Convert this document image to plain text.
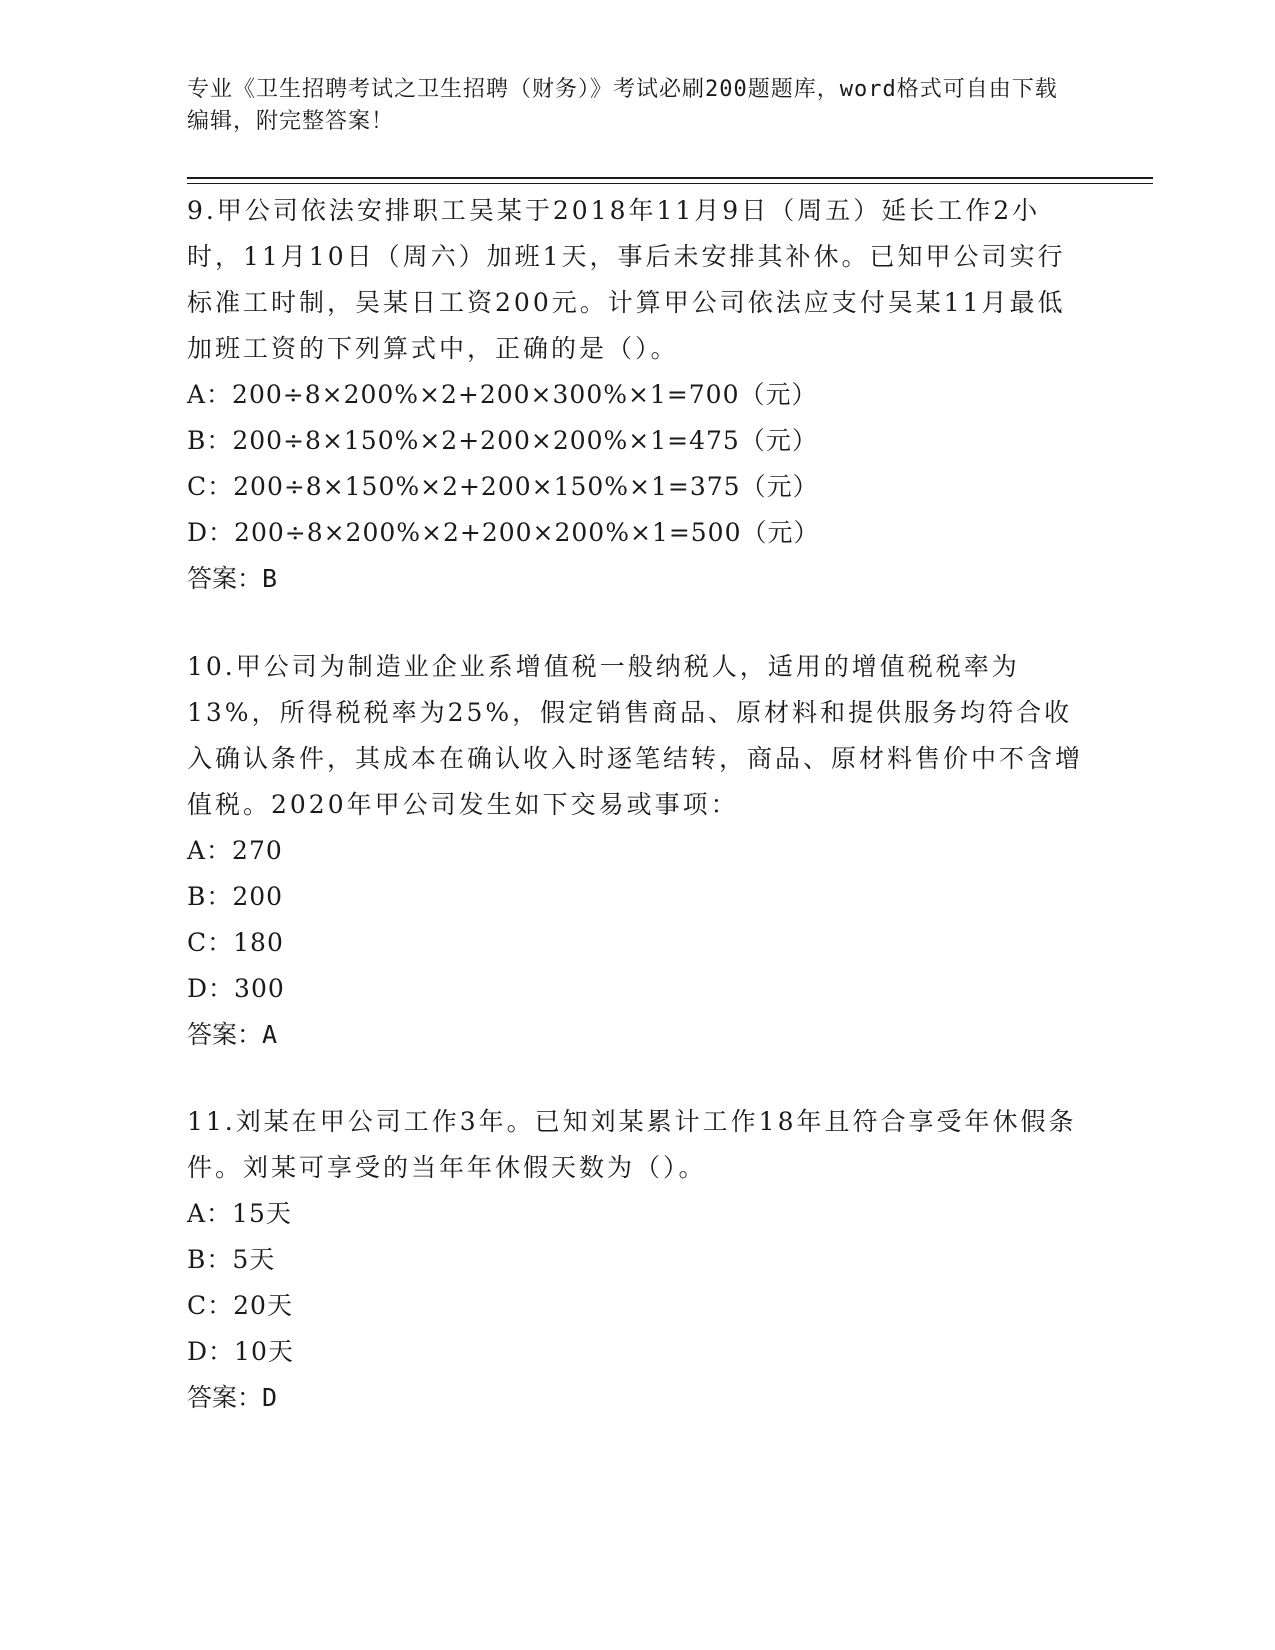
专业《卫生招聘考试之卫生招聘（财务）》考试必刷200题题库，word格式可自由下载编辑，附完整答案！

9.甲公司依法安排职工吴某于2018年11月9日（周五）延长工作2小时，11月10日（周六）加班1天，事后未安排其补休。已知甲公司实行标准工时制，吴某日工资200元。计算甲公司依法应支付吴某11月最低加班工资的下列算式中，正确的是（）。

A：200÷8×200%×2+200×300%×1=700（元）

B：200÷8×150%×2+200×200%×1=475（元）

C：200÷8×150%×2+200×150%×1=375（元）

D：200÷8×200%×2+200×200%×1=500（元）

答案：B

10.甲公司为制造业企业系增值税一般纳税人，适用的增值税税率为13%，所得税税率为25%，假定销售商品、原材料和提供服务均符合收入确认条件，其成本在确认收入时逐笔结转，商品、原材料售价中不含增值税。2020年甲公司发生如下交易或事项：

A：270

B：200

C：180

D：300

答案：A

11.刘某在甲公司工作3年。已知刘某累计工作18年且符合享受年休假条件。刘某可享受的当年年休假天数为（）。

A：15天

B：5天

C：20天

D：10天

答案：D
